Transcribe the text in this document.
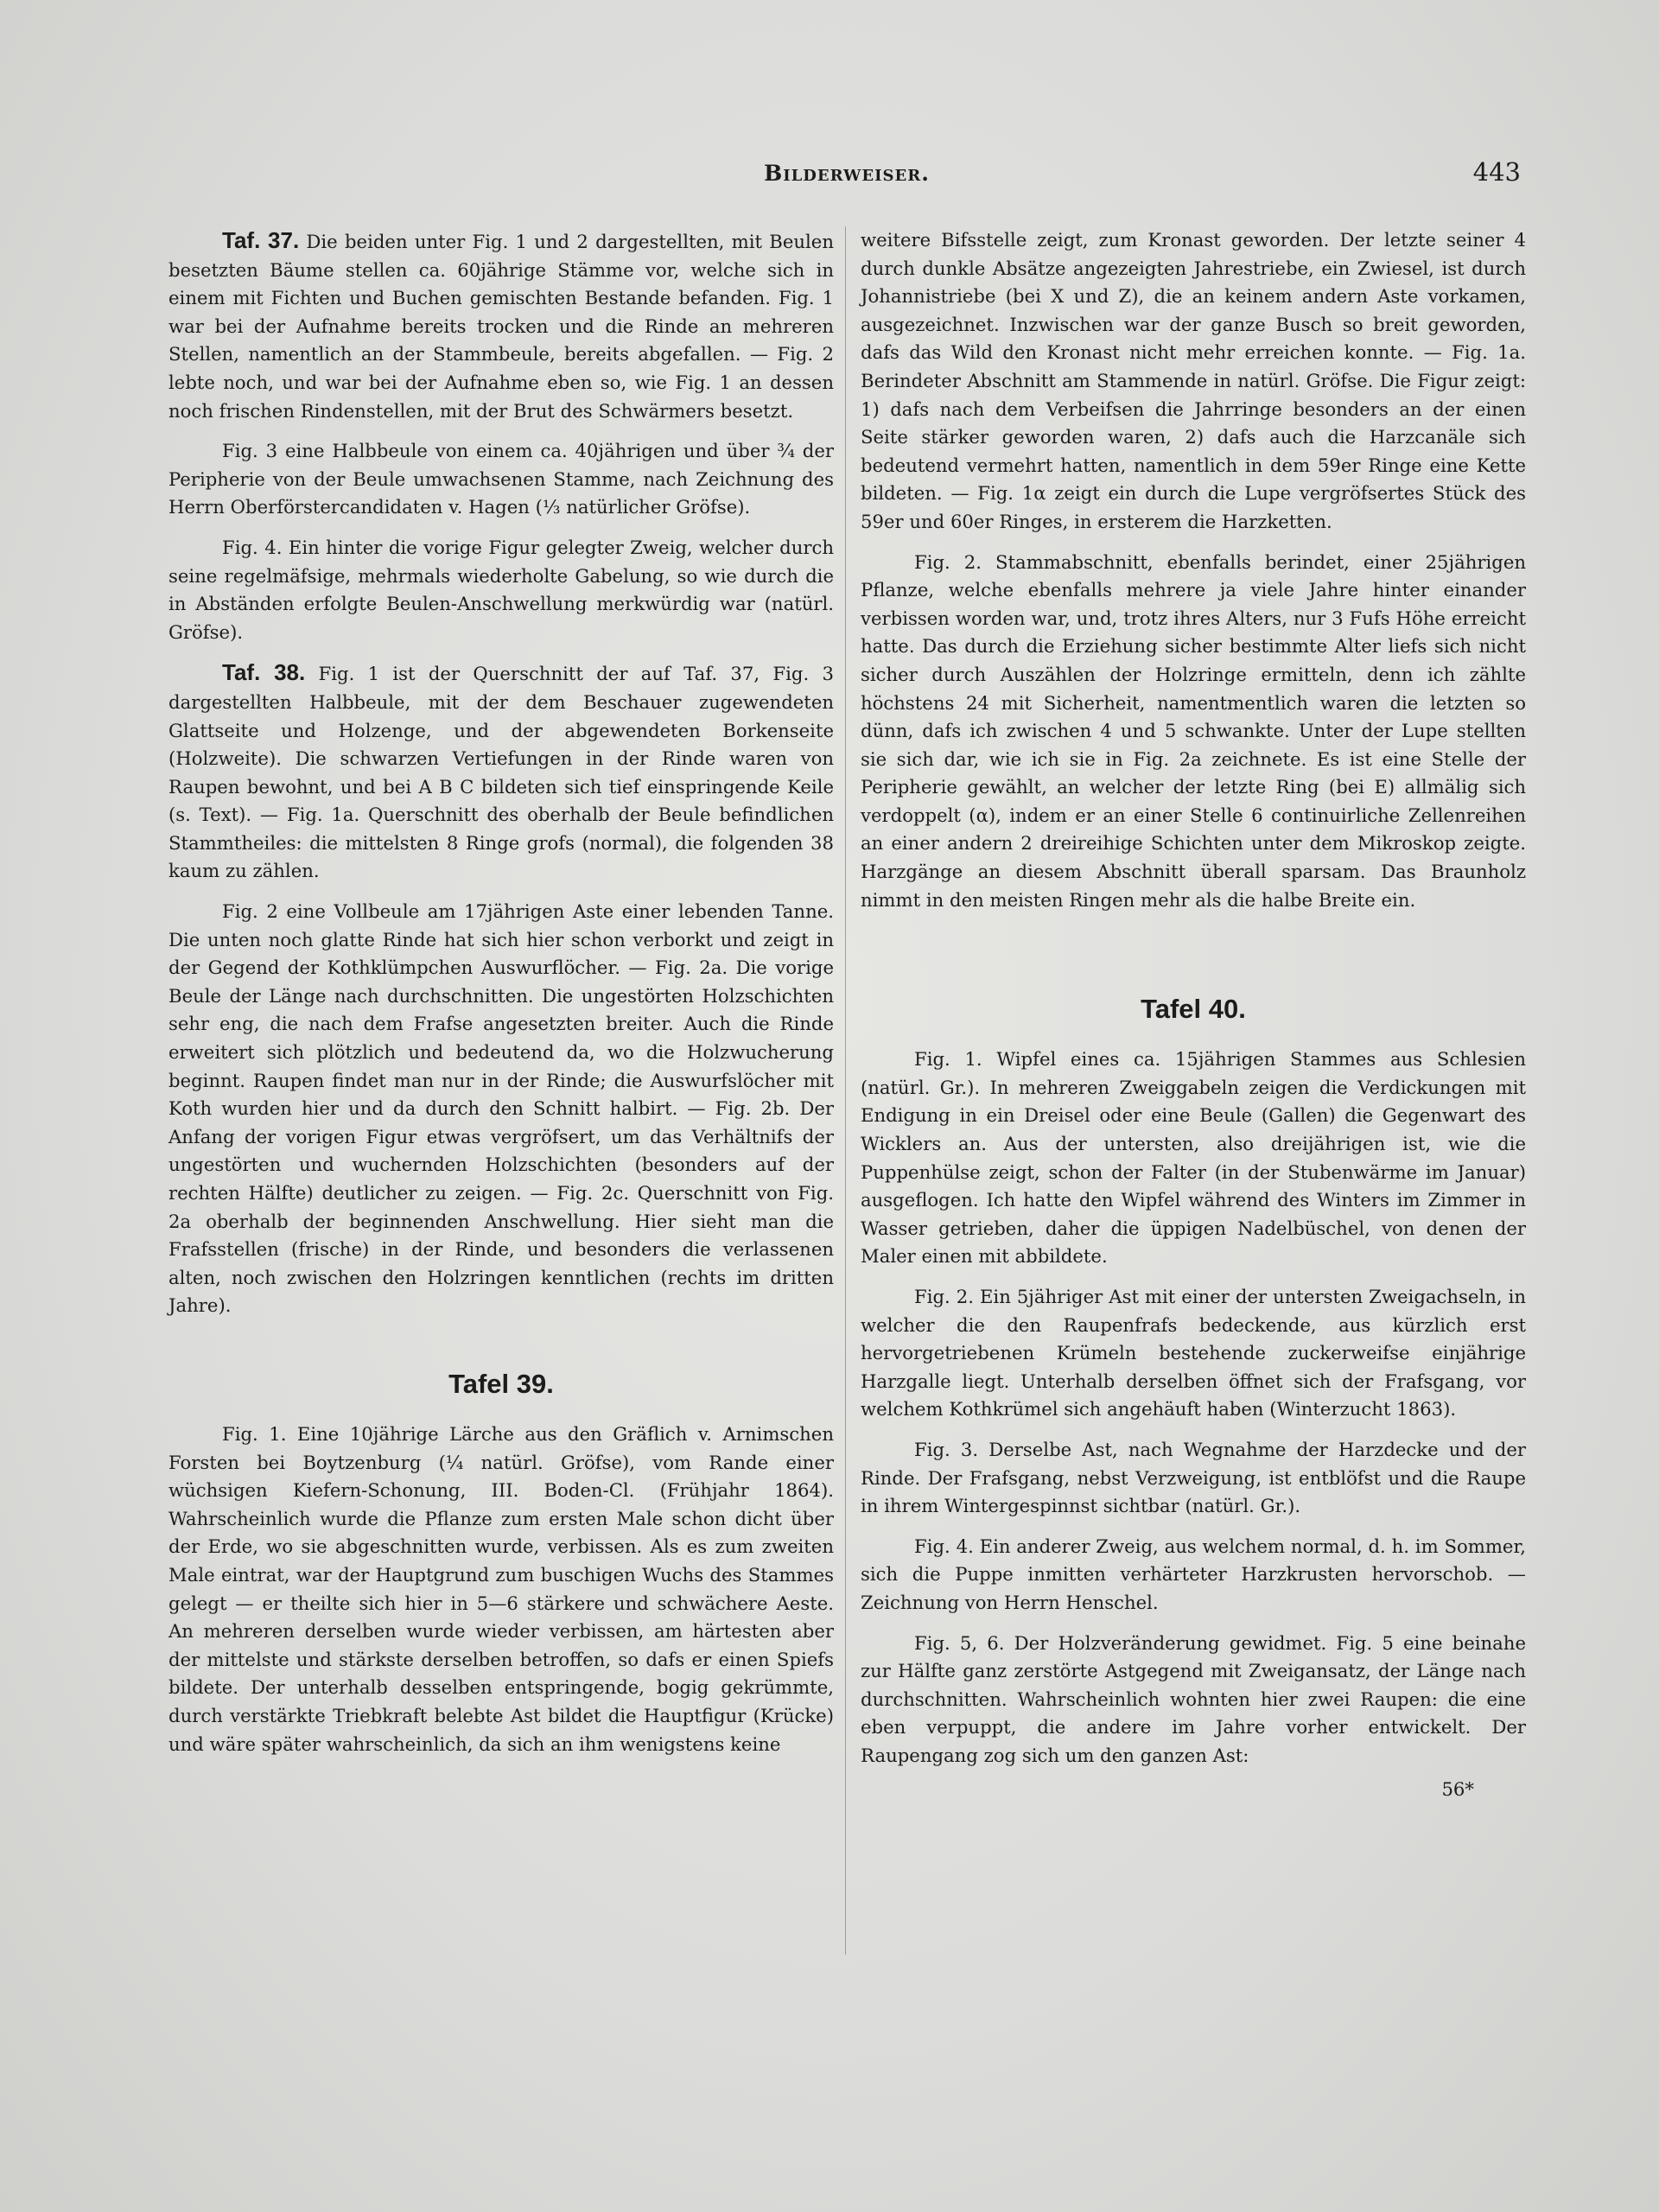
Bilderweiser.	443

Taf. 37. Die beiden unter Fig. 1 und 2 dargestellten, mit Beulen besetzten Bäume stellen ca. 60jährige Stämme vor, welche sich in einem mit Fichten und Buchen gemischten Bestande befanden. Fig. 1 war bei der Aufnahme bereits trocken und die Rinde an mehreren Stellen, namentlich an der Stammbeule, bereits abgefallen. — Fig. 2 lebte noch, und war bei der Aufnahme eben so, wie Fig. 1 an dessen noch frischen Rindenstellen, mit der Brut des Schwärmers besetzt.

Fig. 3 eine Halbbeule von einem ca. 40jährigen und über ¾ der Peripherie von der Beule umwachsenen Stamme, nach Zeichnung des Herrn Oberförstercandidaten v. Hagen (⅓ natürlicher Gröfse).

Fig. 4. Ein hinter die vorige Figur gelegter Zweig, welcher durch seine regelmäfsige, mehrmals wiederholte Gabelung, so wie durch die in Abständen erfolgte Beulen-Anschwellung merkwürdig war (natürl. Gröfse).

Taf. 38. Fig. 1 ist der Querschnitt der auf Taf. 37, Fig. 3 dargestellten Halbbeule, mit der dem Beschauer zugewendeten Glattseite und Holzenge, und der abgewendeten Borkenseite (Holzweite). Die schwarzen Vertiefungen in der Rinde waren von Raupen bewohnt, und bei A B C bildeten sich tief einspringende Keile (s. Text). — Fig. 1a. Querschnitt des oberhalb der Beule befindlichen Stammtheiles: die mittelsten 8 Ringe grofs (normal), die folgenden 38 kaum zu zählen.

Fig. 2 eine Vollbeule am 17jährigen Aste einer lebenden Tanne. Die unten noch glatte Rinde hat sich hier schon verborkt und zeigt in der Gegend der Kothklümpchen Auswurflöcher. — Fig. 2a. Die vorige Beule der Länge nach durchschnitten. Die ungestörten Holzschichten sehr eng, die nach dem Frafse angesetzten breiter. Auch die Rinde erweitert sich plötzlich und bedeutend da, wo die Holzwucherung beginnt. Raupen findet man nur in der Rinde; die Auswurfslöcher mit Koth wurden hier und da durch den Schnitt halbirt. — Fig. 2b. Der Anfang der vorigen Figur etwas vergröfsert, um das Verhältnifs der ungestörten und wuchernden Holzschichten (besonders auf der rechten Hälfte) deutlicher zu zeigen. — Fig. 2c. Querschnitt von Fig. 2a oberhalb der beginnenden Anschwellung. Hier sieht man die Frafsstellen (frische) in der Rinde, und besonders die verlassenen alten, noch zwischen den Holzringen kenntlichen (rechts im dritten Jahre).

Tafel 39.

Fig. 1. Eine 10jährige Lärche aus den Gräflich v. Arnimschen Forsten bei Boytzenburg (¼ natürl. Gröfse), vom Rande einer wüchsigen Kiefern-Schonung, III. Boden-Cl. (Frühjahr 1864). Wahrscheinlich wurde die Pflanze zum ersten Male schon dicht über der Erde, wo sie abgeschnitten wurde, verbissen. Als es zum zweiten Male eintrat, war der Hauptgrund zum buschigen Wuchs des Stammes gelegt — er theilte sich hier in 5—6 stärkere und schwächere Aeste. An mehreren derselben wurde wieder verbissen, am härtesten aber der mittelste und stärkste derselben betroffen, so dafs er einen Spiefs bildete. Der unterhalb desselben entspringende, bogig gekrümmte, durch verstärkte Triebkraft belebte Ast bildet die Hauptfigur (Krücke) und wäre später wahrscheinlich, da sich an ihm wenigstens keine

weitere Bifsstelle zeigt, zum Kronast geworden. Der letzte seiner 4 durch dunkle Absätze angezeigten Jahrestriebe, ein Zwiesel, ist durch Johannistriebe (bei X und Z), die an keinem andern Aste vorkamen, ausgezeichnet. Inzwischen war der ganze Busch so breit geworden, dafs das Wild den Kronast nicht mehr erreichen konnte. — Fig. 1a. Berindeter Abschnitt am Stammende in natürl. Gröfse. Die Figur zeigt: 1) dafs nach dem Verbeifsen die Jahrringe besonders an der einen Seite stärker geworden waren, 2) dafs auch die Harzcanäle sich bedeutend vermehrt hatten, namentlich in dem 59er Ringe eine Kette bildeten. — Fig. 1α zeigt ein durch die Lupe vergröfsertes Stück des 59er und 60er Ringes, in ersterem die Harzketten.

Fig. 2. Stammabschnitt, ebenfalls berindet, einer 25jährigen Pflanze, welche ebenfalls mehrere ja viele Jahre hinter einander verbissen worden war, und, trotz ihres Alters, nur 3 Fufs Höhe erreicht hatte. Das durch die Erziehung sicher bestimmte Alter liefs sich nicht sicher durch Auszählen der Holzringe ermitteln, denn ich zählte höchstens 24 mit Sicherheit, namentmentlich waren die letzten so dünn, dafs ich zwischen 4 und 5 schwankte. Unter der Lupe stellten sie sich dar, wie ich sie in Fig. 2a zeichnete. Es ist eine Stelle der Peripherie gewählt, an welcher der letzte Ring (bei E) allmälig sich verdoppelt (α), indem er an einer Stelle 6 continuirliche Zellenreihen an einer andern 2 dreireihige Schichten unter dem Mikroskop zeigte. Harzgänge an diesem Abschnitt überall sparsam. Das Braunholz nimmt in den meisten Ringen mehr als die halbe Breite ein.

Tafel 40.

Fig. 1. Wipfel eines ca. 15jährigen Stammes aus Schlesien (natürl. Gr.). In mehreren Zweiggabeln zeigen die Verdickungen mit Endigung in ein Dreisel oder eine Beule (Gallen) die Gegenwart des Wicklers an. Aus der untersten, also dreijährigen ist, wie die Puppenhülse zeigt, schon der Falter (in der Stubenwärme im Januar) ausgeflogen. Ich hatte den Wipfel während des Winters im Zimmer in Wasser getrieben, daher die üppigen Nadelbüschel, von denen der Maler einen mit abbildete.

Fig. 2. Ein 5jähriger Ast mit einer der untersten Zweigachseln, in welcher die den Raupenfrafs bedeckende, aus kürzlich erst hervorgetriebenen Krümeln bestehende zuckerweifse einjährige Harzgalle liegt. Unterhalb derselben öffnet sich der Frafsgang, vor welchem Kothkrümel sich angehäuft haben (Winterzucht 1863).

Fig. 3. Derselbe Ast, nach Wegnahme der Harzdecke und der Rinde. Der Frafsgang, nebst Verzweigung, ist entblöfst und die Raupe in ihrem Wintergespinnst sichtbar (natürl. Gr.).

Fig. 4. Ein anderer Zweig, aus welchem normal, d. h. im Sommer, sich die Puppe inmitten verhärteter Harzkrusten hervorschob. — Zeichnung von Herrn Henschel.

Fig. 5, 6. Der Holzveränderung gewidmet. Fig. 5 eine beinahe zur Hälfte ganz zerstörte Astgegend mit Zweigansatz, der Länge nach durchschnitten. Wahrscheinlich wohnten hier zwei Raupen: die eine eben verpuppt, die andere im Jahre vorher entwickelt. Der Raupengang zog sich um den ganzen Ast:

56*
